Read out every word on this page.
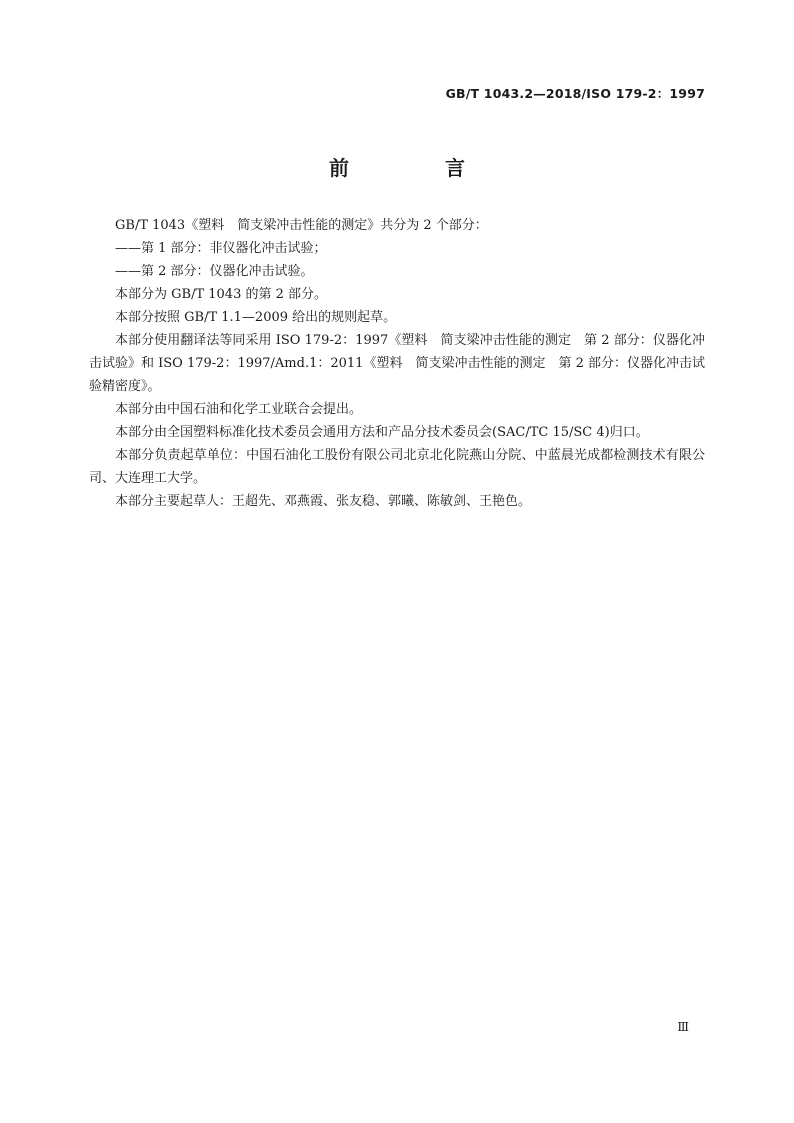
GB/T 1043.2—2018/ISO 179-2：1997
前　言

GB/T 1043《塑料　简支梁冲击性能的测定》共分为 2 个部分：

——第 1 部分：非仪器化冲击试验；

——第 2 部分：仪器化冲击试验。

本部分为 GB/T 1043 的第 2 部分。

本部分按照 GB/T 1.1—2009 给出的规则起草。

本部分使用翻译法等同采用 ISO 179-2：1997《塑料　简支梁冲击性能的测定　第 2 部分：仪器化冲击试验》和 ISO 179-2：1997/Amd.1：2011《塑料　简支梁冲击性能的测定　第 2 部分：仪器化冲击试验精密度》。

本部分由中国石油和化学工业联合会提出。

本部分由全国塑料标准化技术委员会通用方法和产品分技术委员会(SAC/TC 15/SC 4)归口。

本部分负责起草单位：中国石油化工股份有限公司北京北化院燕山分院、中蓝晨光成都检测技术有限公司、大连理工大学。

本部分主要起草人：王超先、邓燕霞、张友稳、郭曦、陈敏剑、王艳色。

Ⅲ
